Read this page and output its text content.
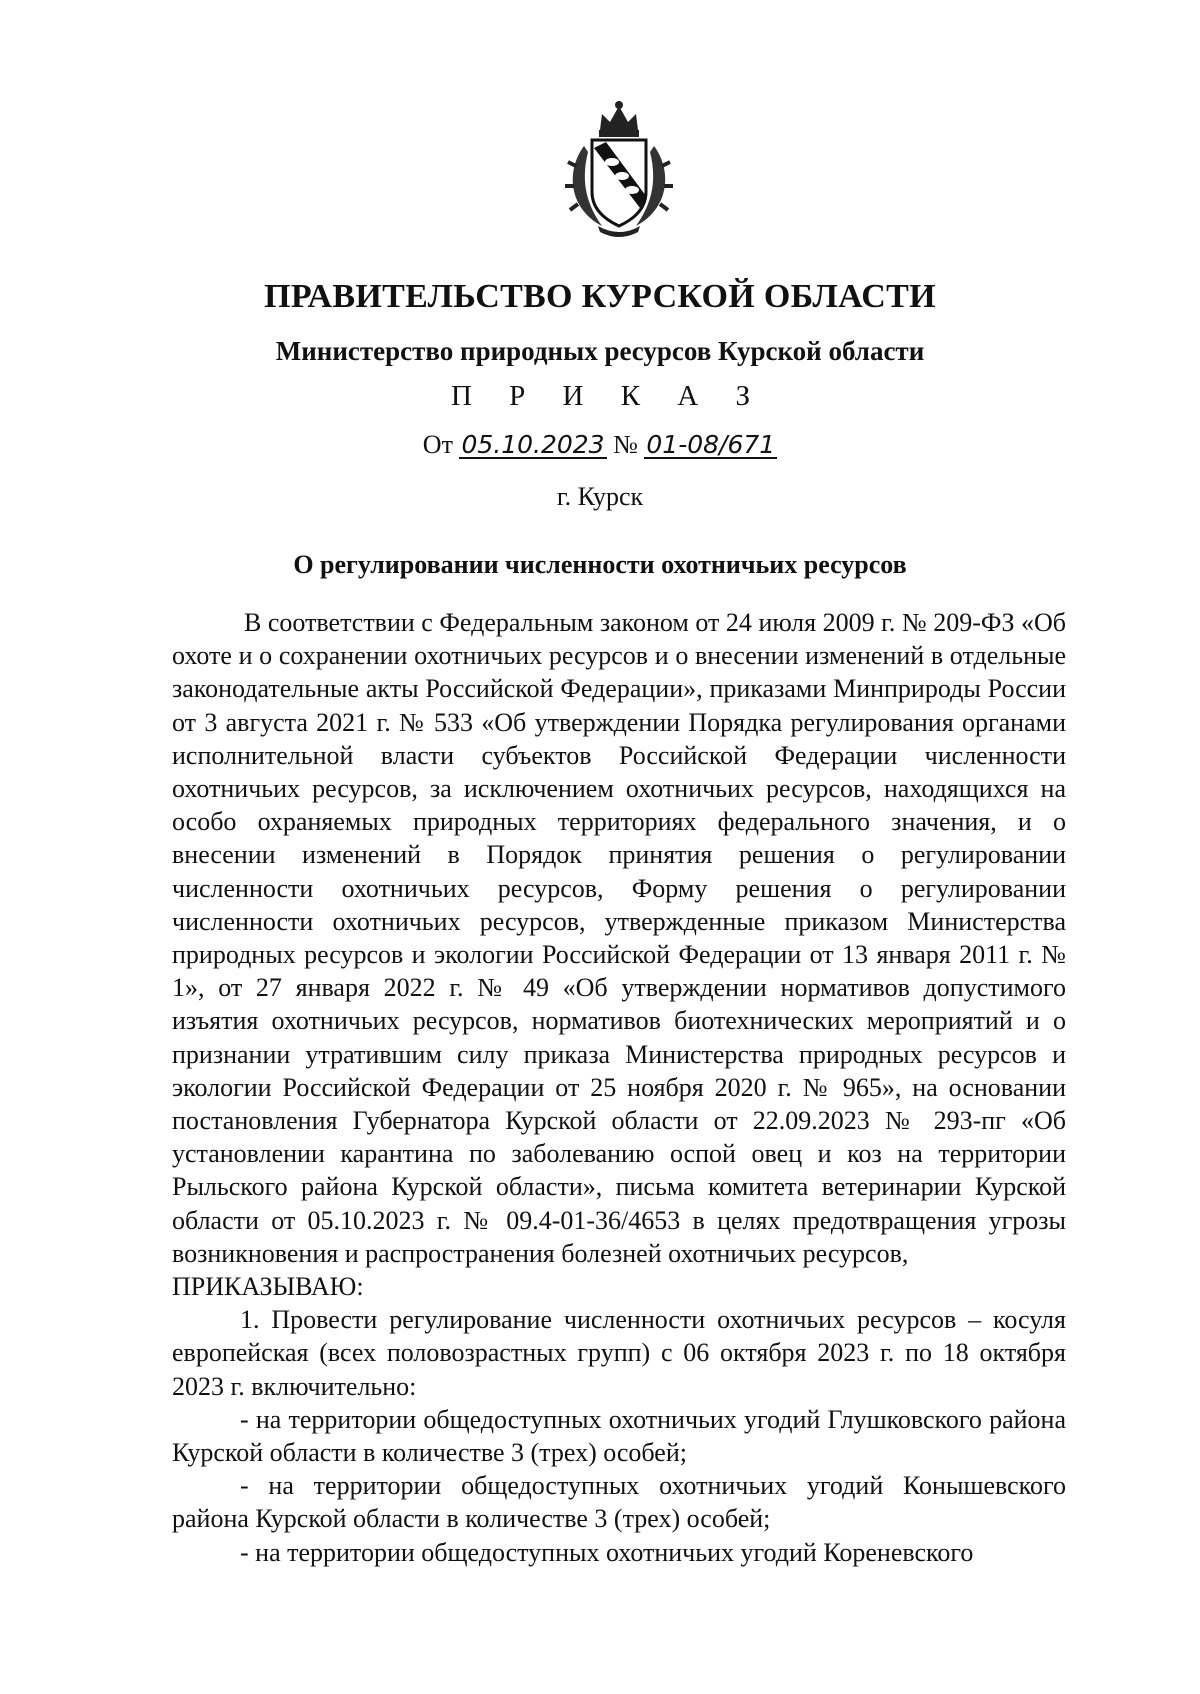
ПРАВИТЕЛЬСТВО КУРСКОЙ ОБЛАСТИ
Министерство природных ресурсов Курской области
П Р И К А З
От 05.10.2023 № 01-08/671
г. Курск
О регулировании численности охотничьих ресурсов

В соответствии с Федеральным законом от 24 июля 2009 г. № 209-ФЗ «Об охоте и о сохранении охотничьих ресурсов и о внесении изменений в отдельные законодательные акты Российской Федерации», приказами Минприроды России от 3 августа 2021 г. № 533 «Об утверждении Порядка регулирования органами исполнительной власти субъектов Российской Федерации численности охотничьих ресурсов, за исключением охотничьих ресурсов, находящихся на особо охраняемых природных территориях федерального значения, и о внесении изменений в Порядок принятия решения о регулировании численности охотничьих ресурсов, Форму решения о регулировании численности охотничьих ресурсов, утвержденные приказом Министерства природных ресурсов и экологии Российской Федерации от 13 января 2011 г. № 1», от 27 января 2022 г. № 49 «Об утверждении нормативов допустимого изъятия охотничьих ресурсов, нормативов биотехнических мероприятий и о признании утратившим силу приказа Министерства природных ресурсов и экологии Российской Федерации от 25 ноября 2020 г. № 965», на основании постановления Губернатора Курской области от 22.09.2023 № 293-пг «Об установлении карантина по заболеванию оспой овец и коз на территории Рыльского района Курской области», письма комитета ветеринарии Курской области от 05.10.2023 г. № 09.4-01-36/4653 в целях предотвращения угрозы возникновения и распространения болезней охотничьих ресурсов,

ПРИКАЗЫВАЮ:

1. Провести регулирование численности охотничьих ресурсов – косуля европейская (всех половозрастных групп) с 06 октября 2023 г. по 18 октября 2023 г. включительно:

- на территории общедоступных охотничьих угодий Глушковского района Курской области в количестве 3 (трех) особей;

- на территории общедоступных охотничьих угодий Конышевского района Курской области в количестве 3 (трех) особей;

- на территории общедоступных охотничьих угодий Кореневского
